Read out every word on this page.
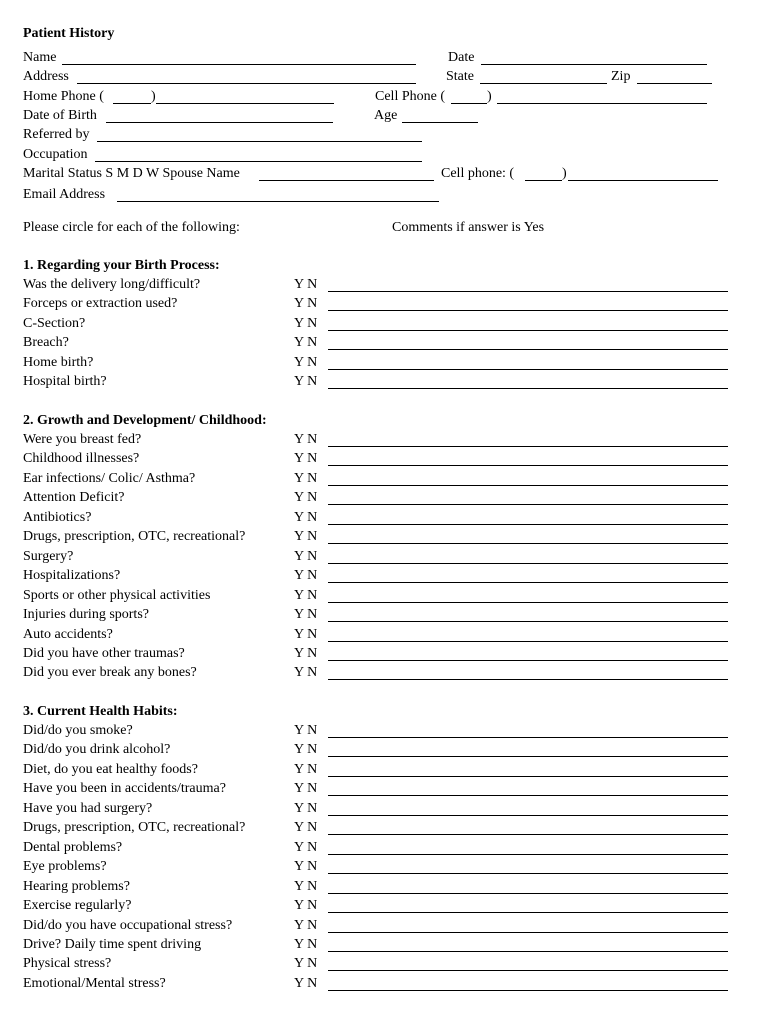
Patient History
Name	Date
Address	State	Zip
Home Phone (	)	Cell Phone (	)
Date of Birth	Age
Referred by
Occupation
Marital Status S M D W Spouse Name	Cell phone: (	)
Email Address
Please circle for each of the following:	Comments if answer is Yes
1. Regarding your Birth Process:
Was the delivery long/difficult?	Y N
Forceps or extraction used?	Y N
C-Section?	Y N
Breach?	Y N
Home birth?	Y N
Hospital birth?	Y N
2. Growth and Development/ Childhood:
Were you breast fed?	Y N
Childhood illnesses?	Y N
Ear infections/ Colic/ Asthma?	Y N
Attention Deficit?	Y N
Antibiotics?	Y N
Drugs, prescription, OTC, recreational?	Y N
Surgery?	Y N
Hospitalizations?	Y N
Sports or other physical activities	Y N
Injuries during sports?	Y N
Auto accidents?	Y N
Did you have other traumas?	Y N
Did you ever break any bones?	Y N
3. Current Health Habits:
Did/do you smoke?	Y N
Did/do you drink alcohol?	Y N
Diet, do you eat healthy foods?	Y N
Have you been in accidents/trauma?	Y N
Have you had surgery?	Y N
Drugs, prescription, OTC, recreational?	Y N
Dental problems?	Y N
Eye problems?	Y N
Hearing problems?	Y N
Exercise regularly?	Y N
Did/do you have occupational stress?	Y N
Drive? Daily time spent driving	Y N
Physical stress?	Y N
Emotional/Mental stress?	Y N
